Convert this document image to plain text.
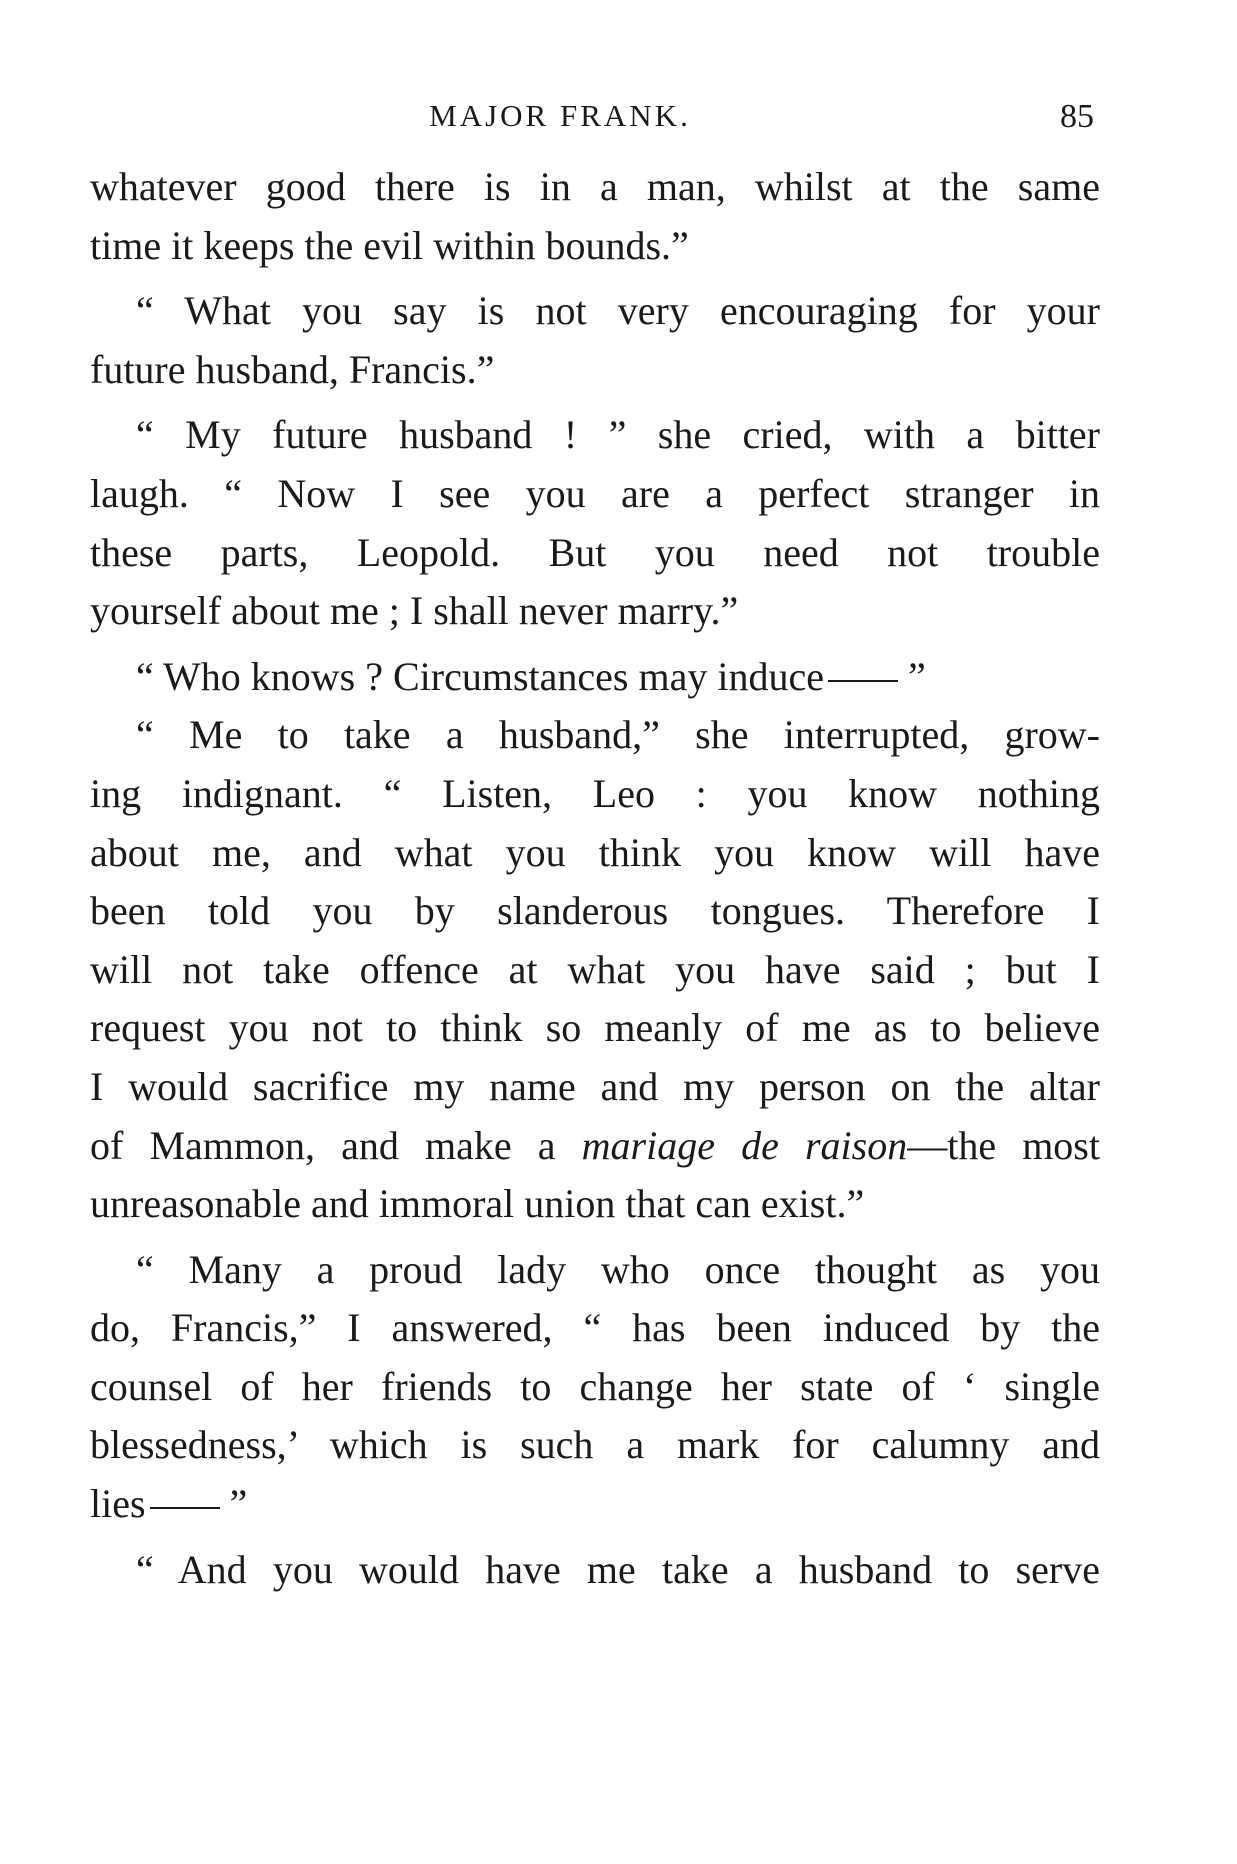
MAJOR FRANK.	85
whatever good there is in a man, whilst at the same
time it keeps the evil within bounds.”
“ What you say is not very encouraging for your
future husband, Francis.”
“ My future husband ! ” she cried, with a bitter
laugh. “ Now I see you are a perfect stranger in
these parts, Leopold. But you need not trouble
yourself about me ; I shall never marry.”
“ Who knows ? Circumstances may induce ”
“ Me to take a husband,” she interrupted, grow-
ing indignant. “ Listen, Leo : you know nothing
about me, and what you think you know will have
been told you by slanderous tongues. Therefore I
will not take offence at what you have said ; but I
request you not to think so meanly of me as to believe
I would sacrifice my name and my person on the altar
of Mammon, and make a mariage de raison—the most
unreasonable and immoral union that can exist.”
“ Many a proud lady who once thought as you
do, Francis,” I answered, “ has been induced by the
counsel of her friends to change her state of ‘ single
blessedness,’ which is such a mark for calumny and
lies ”
“ And you would have me take a husband to serve
